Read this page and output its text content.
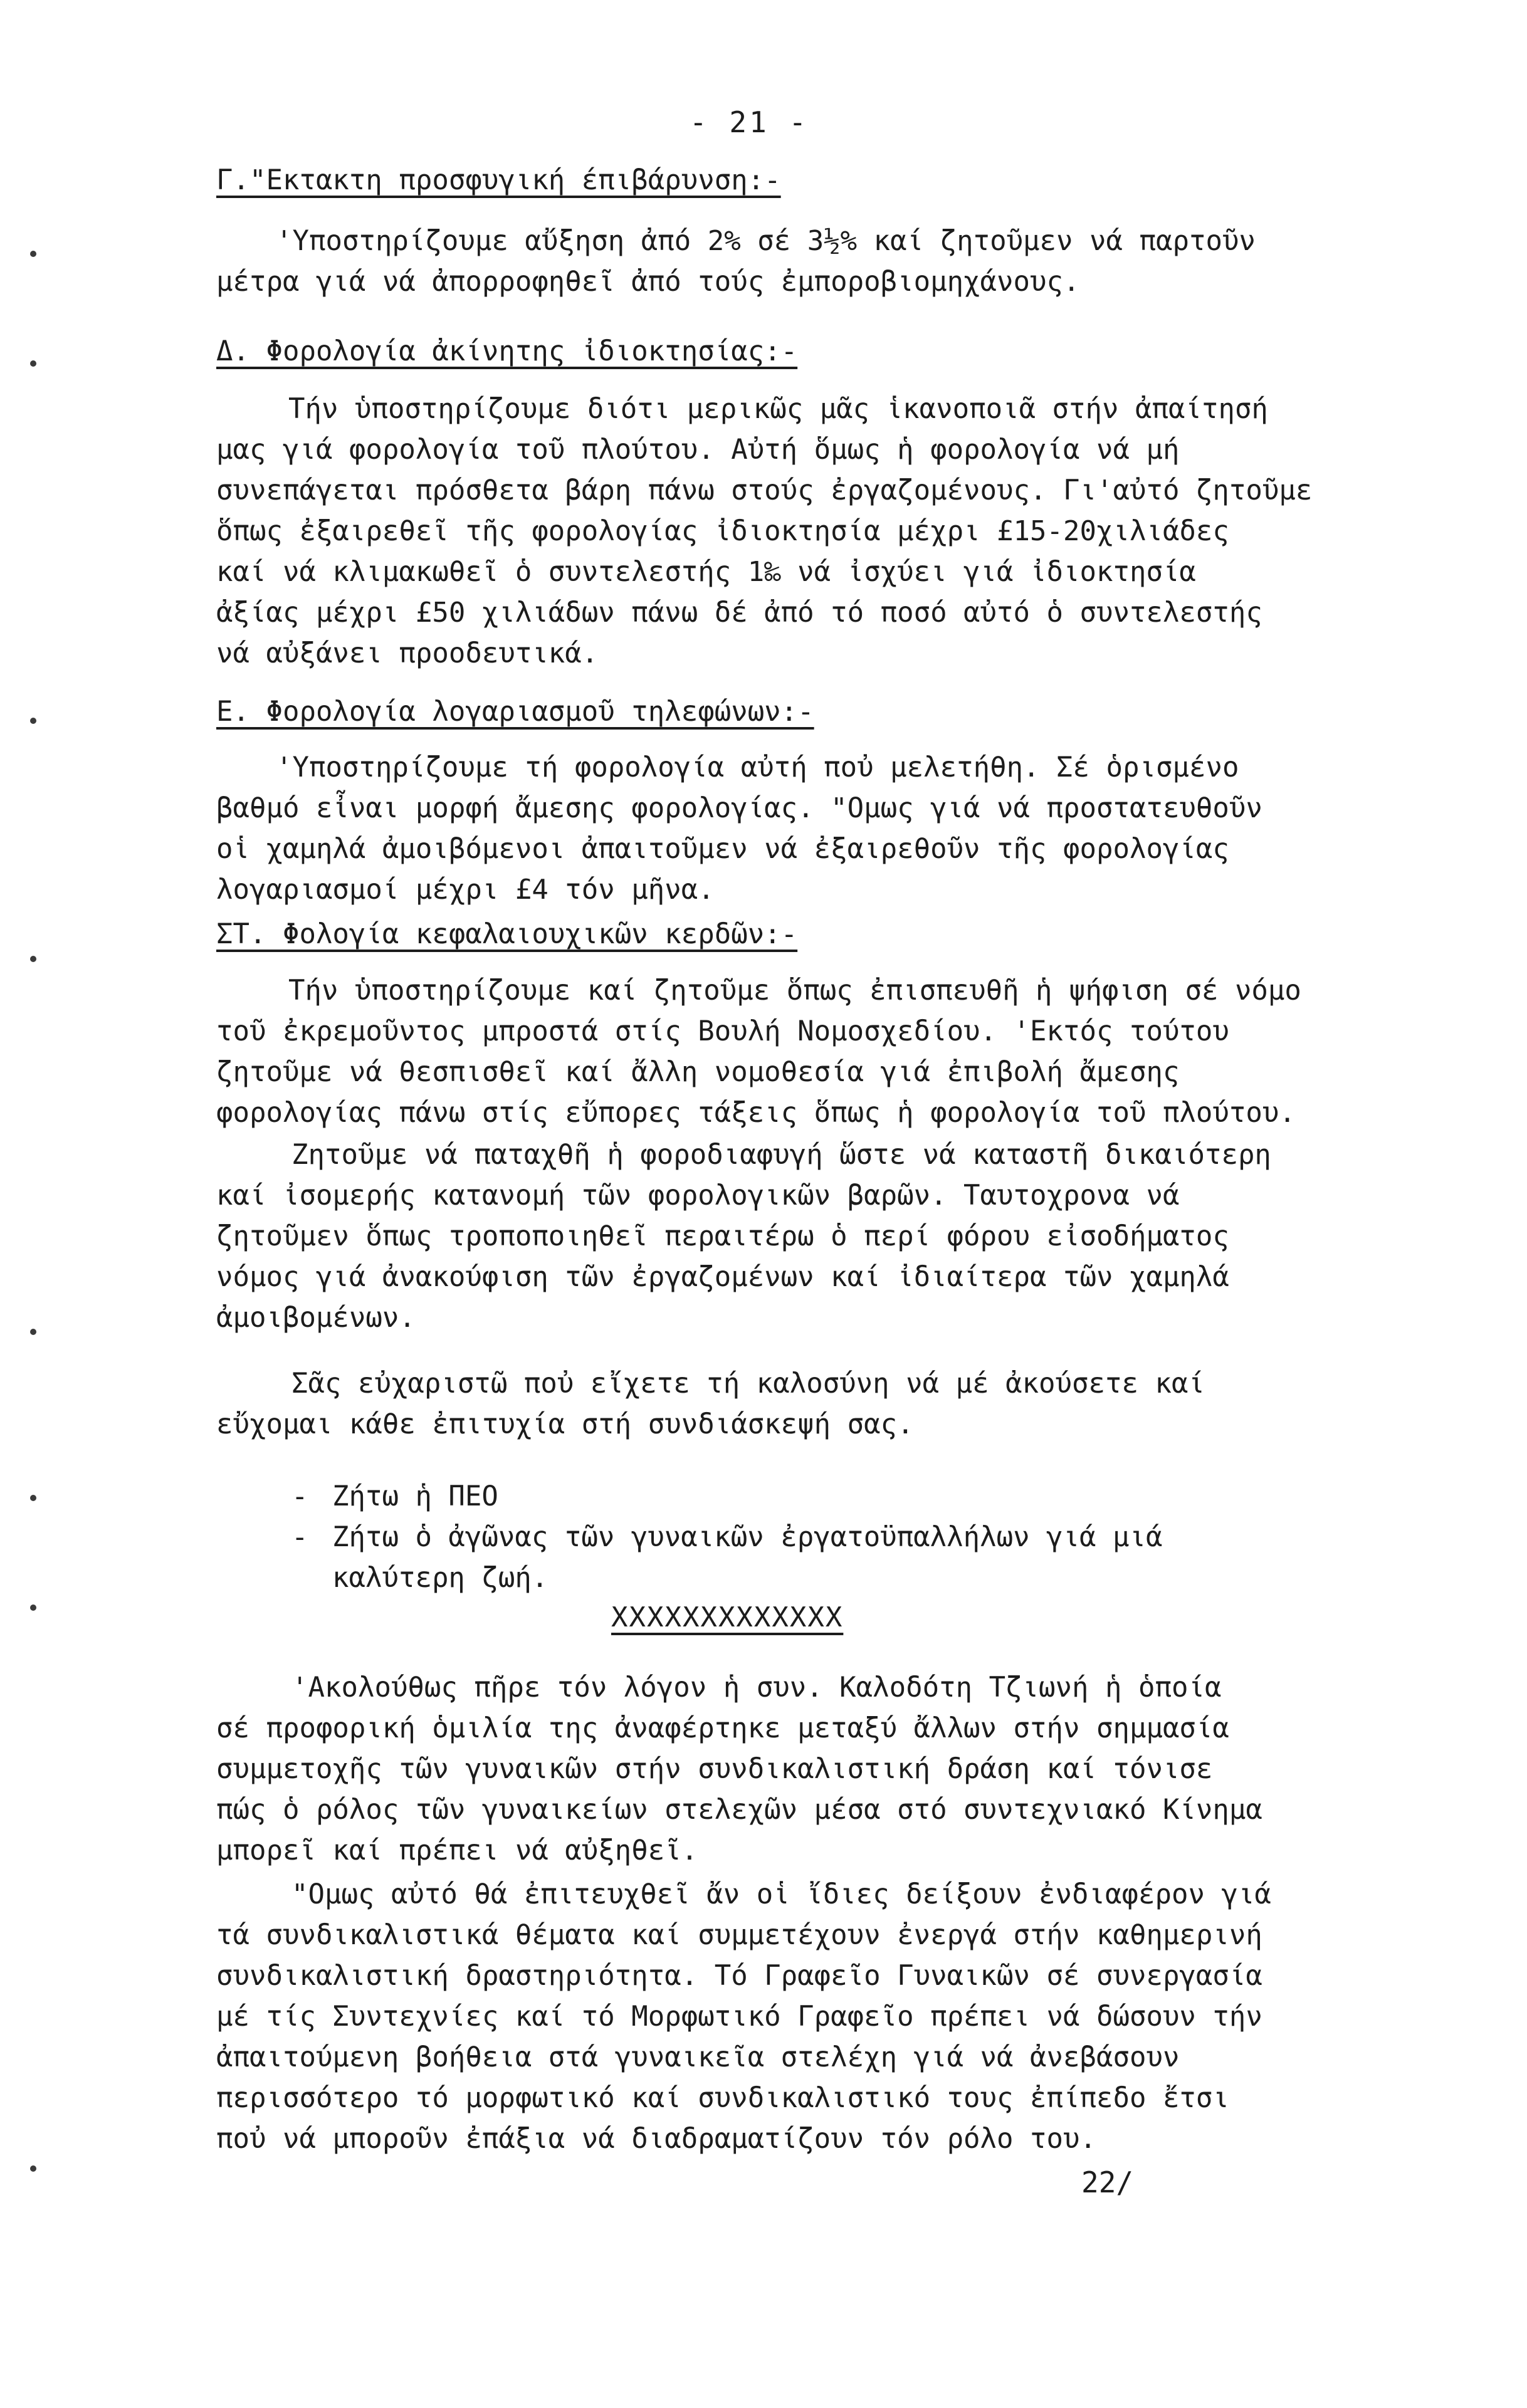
- 21 -
Γ."Εκτακτη προσφυγική έπιβάρυνση:-

'Υποστηρίζουμε αὔξηση ἀπό 2% σέ 3½% καί ζητοῦμεν νά παρτοῦν
μέτρα γιά νά ἀπορροφηθεῖ ἀπό τούς ἐμποροβιομηχάνους.

Δ. Φορολογία ἀκίνητης ἰδιοκτησίας:-

Τήν ὑποστηρίζουμε διότι μερικῶς μᾶς ἱκανοποιᾶ στήν ἀπαίτησή
μας γιά φορολογία τοῦ πλούτου. Αὐτή ὅμως ἡ φορολογία νά μή
συνεπάγεται πρόσθετα βάρη πάνω στούς ἐργαζομένους. Γι'αὐτό ζητοῦμε
ὅπως ἐξαιρεθεῖ τῆς φορολογίας ἰδιοκτησία μέχρι £15-20χιλιάδες
καί νά κλιμακωθεῖ ὁ συντελεστής 1‰ νά ἰσχύει γιά ἰδιοκτησία
ἀξίας μέχρι £50 χιλιάδων πάνω δέ ἀπό τό ποσό αὐτό ὁ συντελεστής
νά αὐξάνει προοδευτικά.

Ε. Φορολογία λογαριασμοῦ τηλεφώνων:-

'Υποστηρίζουμε τή φορολογία αὐτή ποὐ μελετήθη. Σέ ὁρισμένο
βαθμό εἶναι μορφή ἄμεσης φορολογίας. "Ομως γιά νά προστατευθοῦν
οἱ χαμηλά ἀμοιβόμενοι ἀπαιτοῦμεν νά ἐξαιρεθοῦν τῆς φορολογίας
λογαριασμοί μέχρι £4 τόν μῆνα.

ΣΤ. Φολογία κεφαλαιουχικῶν κερδῶν:-

Τήν ὑποστηρίζουμε καί ζητοῦμε ὅπως ἐπισπευθῆ ἡ ψήφιση σέ νόμο
τοῦ ἐκρεμοῦντος μπροστά στίς Βουλή Νομοσχεδίου. 'Εκτός τούτου
ζητοῦμε νά θεσπισθεῖ καί ἄλλη νομοθεσία γιά ἐπιβολή ἄμεσης
φορολογίας πάνω στίς εὔπορες τάξεις ὅπως ἡ φορολογία τοῦ πλούτου.

Ζητοῦμε νά παταχθῆ ἡ φοροδιαφυγή ὥστε νά καταστῆ δικαιότερη
καί ἰσομερής κατανομή τῶν φορολογικῶν βαρῶν. Ταυτοχρονα νά
ζητοῦμεν ὅπως τροποποιηθεῖ περαιτέρω ὁ περί φόρου εἰσοδήματος
νόμος γιά ἀνακούφιση τῶν ἐργαζομένων καί ἰδιαίτερα τῶν χαμηλά
ἀμοιβομένων.

Σᾶς εὐχαριστῶ ποὐ εἴχετε τή καλοσύνη νά μέ ἀκούσετε καί
εὔχομαι κάθε ἐπιτυχία στή συνδιάσκεψή σας.

- Ζήτω ἡ ΠΕΟ
- Ζήτω ὁ ἀγῶνας τῶν γυναικῶν ἐργατοϋπαλλήλων γιά μιά
καλύτερη ζωή.
XXXXXXXXXXXXX

'Ακολούθως πῆρε τόν λόγον ἡ συν. Καλοδότη Τζιωνή ἡ ὁποία
σέ προφορική ὁμιλία της ἀναφέρτηκε μεταξύ ἄλλων στήν σημμασία
συμμετοχῆς τῶν γυναικῶν στήν συνδικαλιστική δράση καί τόνισε
πώς ὁ ρόλος τῶν γυναικείων στελεχῶν μέσα στό συντεχνιακό Κίνημα
μπορεῖ καί πρέπει νά αὐξηθεῖ.

"Ομως αὐτό θά ἐπιτευχθεῖ ἄν οἱ ἴδιες δείξουν ἐνδιαφέρον γιά
τά συνδικαλιστικά θέματα καί συμμετέχουν ἐνεργά στήν καθημερινή
συνδικαλιστική δραστηριότητα. Τό Γραφεῖο Γυναικῶν σέ συνεργασία
μέ τίς Συντεχνίες καί τό Μορφωτικό Γραφεῖο πρέπει νά δώσουν τήν
ἀπαιτούμενη βοήθεια στά γυναικεῖα στελέχη γιά νά ἀνεβάσουν
περισσότερο τό μορφωτικό καί συνδικαλιστικό τους ἐπίπεδο ἔτσι
ποὐ νά μποροῦν ἐπάξια νά διαδραματίζουν τόν ρόλο του.

22/
